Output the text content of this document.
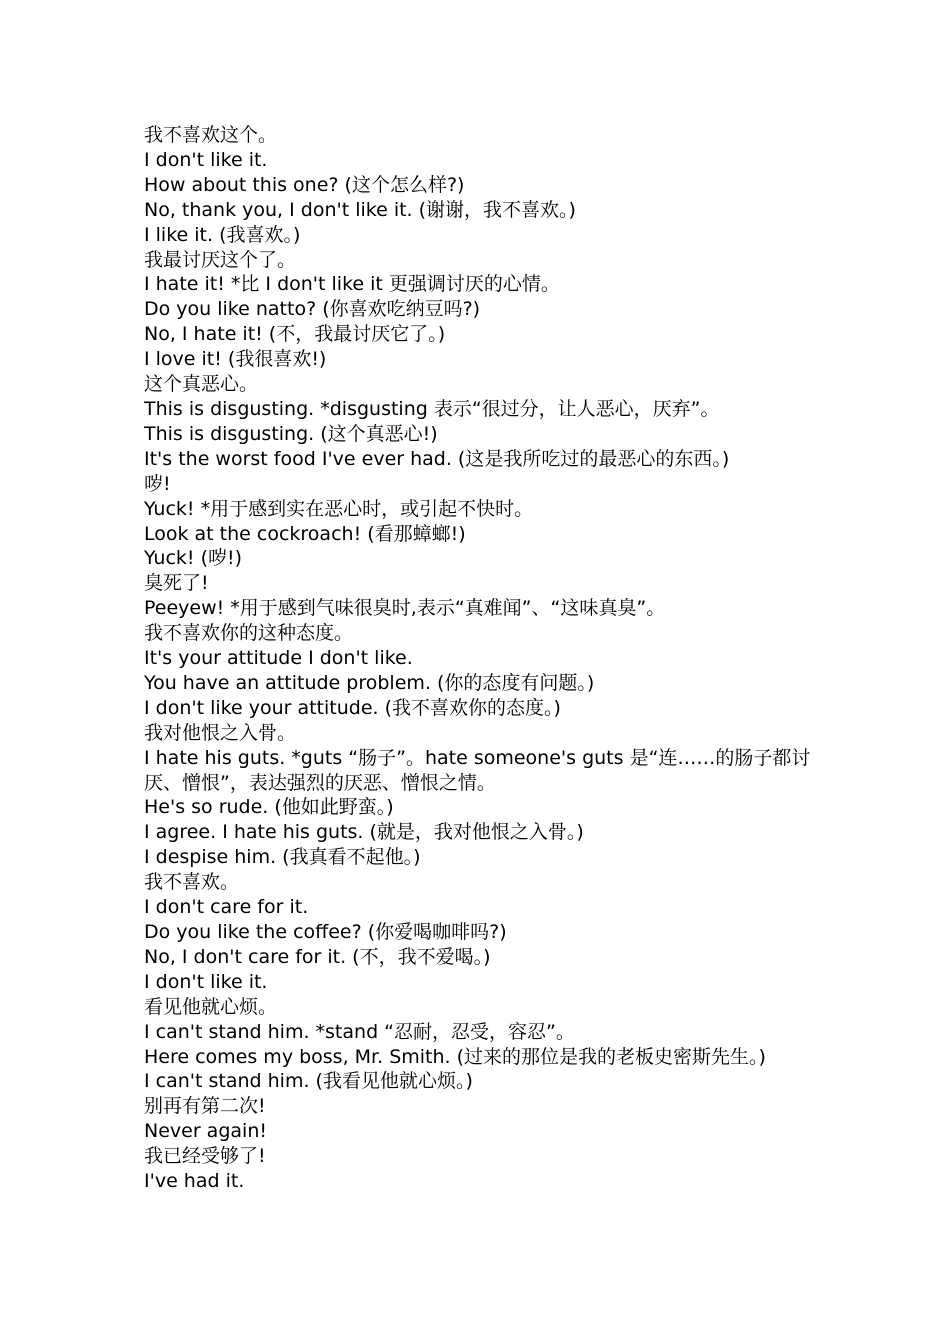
我不喜欢这个。

I don't like it.

How about this one? (这个怎么样?)

No, thank you, I don't like it. (谢谢，我不喜欢。)

I like it. (我喜欢。)

我最讨厌这个了。

I hate it! *比 I don't like it 更强调讨厌的心情。

Do you like natto? (你喜欢吃纳豆吗?)

No, I hate it! (不，我最讨厌它了。)

I love it! (我很喜欢!)

这个真恶心。

This is disgusting. *disgusting 表示“很过分，让人恶心，厌弃”。

This is disgusting. (这个真恶心!)

It's the worst food I've ever had. (这是我所吃过的最恶心的东西。)

哕!

Yuck! *用于感到实在恶心时，或引起不快时。

Look at the cockroach! (看那蟑螂!)

Yuck! (哕!)

臭死了!

Peeyew! *用于感到气味很臭时,表示“真难闻”、“这味真臭”。

我不喜欢你的这种态度。

It's your attitude I don't like.

You have an attitude problem. (你的态度有问题。)

I don't like your attitude. (我不喜欢你的态度。)

我对他恨之入骨。

I hate his guts. *guts “肠子”。hate someone's guts 是“连……的肠子都讨厌、憎恨”，表达强烈的厌恶、憎恨之情。

He's so rude. (他如此野蛮。)

I agree. I hate his guts. (就是，我对他恨之入骨。)

I despise him. (我真看不起他。)

我不喜欢。

I don't care for it.

Do you like the coffee? (你爱喝咖啡吗?)

No, I don't care for it. (不，我不爱喝。)

I don't like it.

看见他就心烦。

I can't stand him. *stand “忍耐，忍受，容忍”。

Here comes my boss, Mr. Smith. (过来的那位是我的老板史密斯先生。)

I can't stand him. (我看见他就心烦。)

别再有第二次!

Never again!

我已经受够了!

I've had it.
